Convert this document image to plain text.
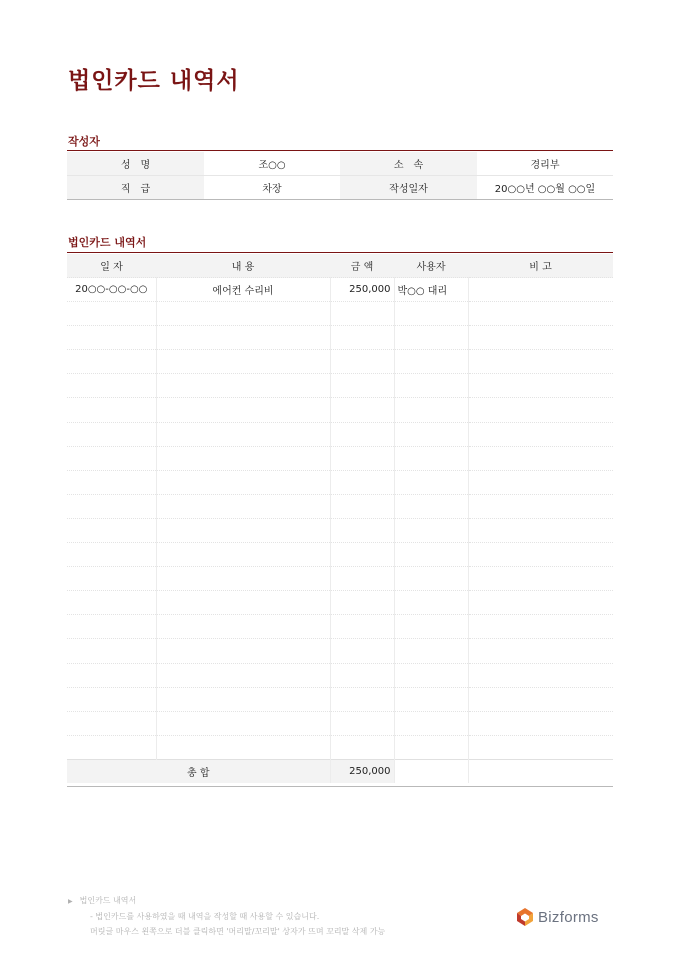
법인카드 내역서
작성자
성　명	조○○	소　속	경리부
직　급	차장	작성일자	20○○년 ○○월 ○○일
법인카드 내역서
일 자	내 용	금 액	사용자	비 고
20○○-○○-○○	에어컨 수리비	250,000	박○○ 대리	

총 합		250,000		
▶ 법인카드 내역서
- 법인카드를 사용하였을 때 내역을 작성할 때 사용할 수 있습니다.
머릿글 마우스 왼쪽으로 더블 클릭하면 '머리말/꼬리말' 상자가 뜨며 꼬리말 삭제 가능
Bizforms
